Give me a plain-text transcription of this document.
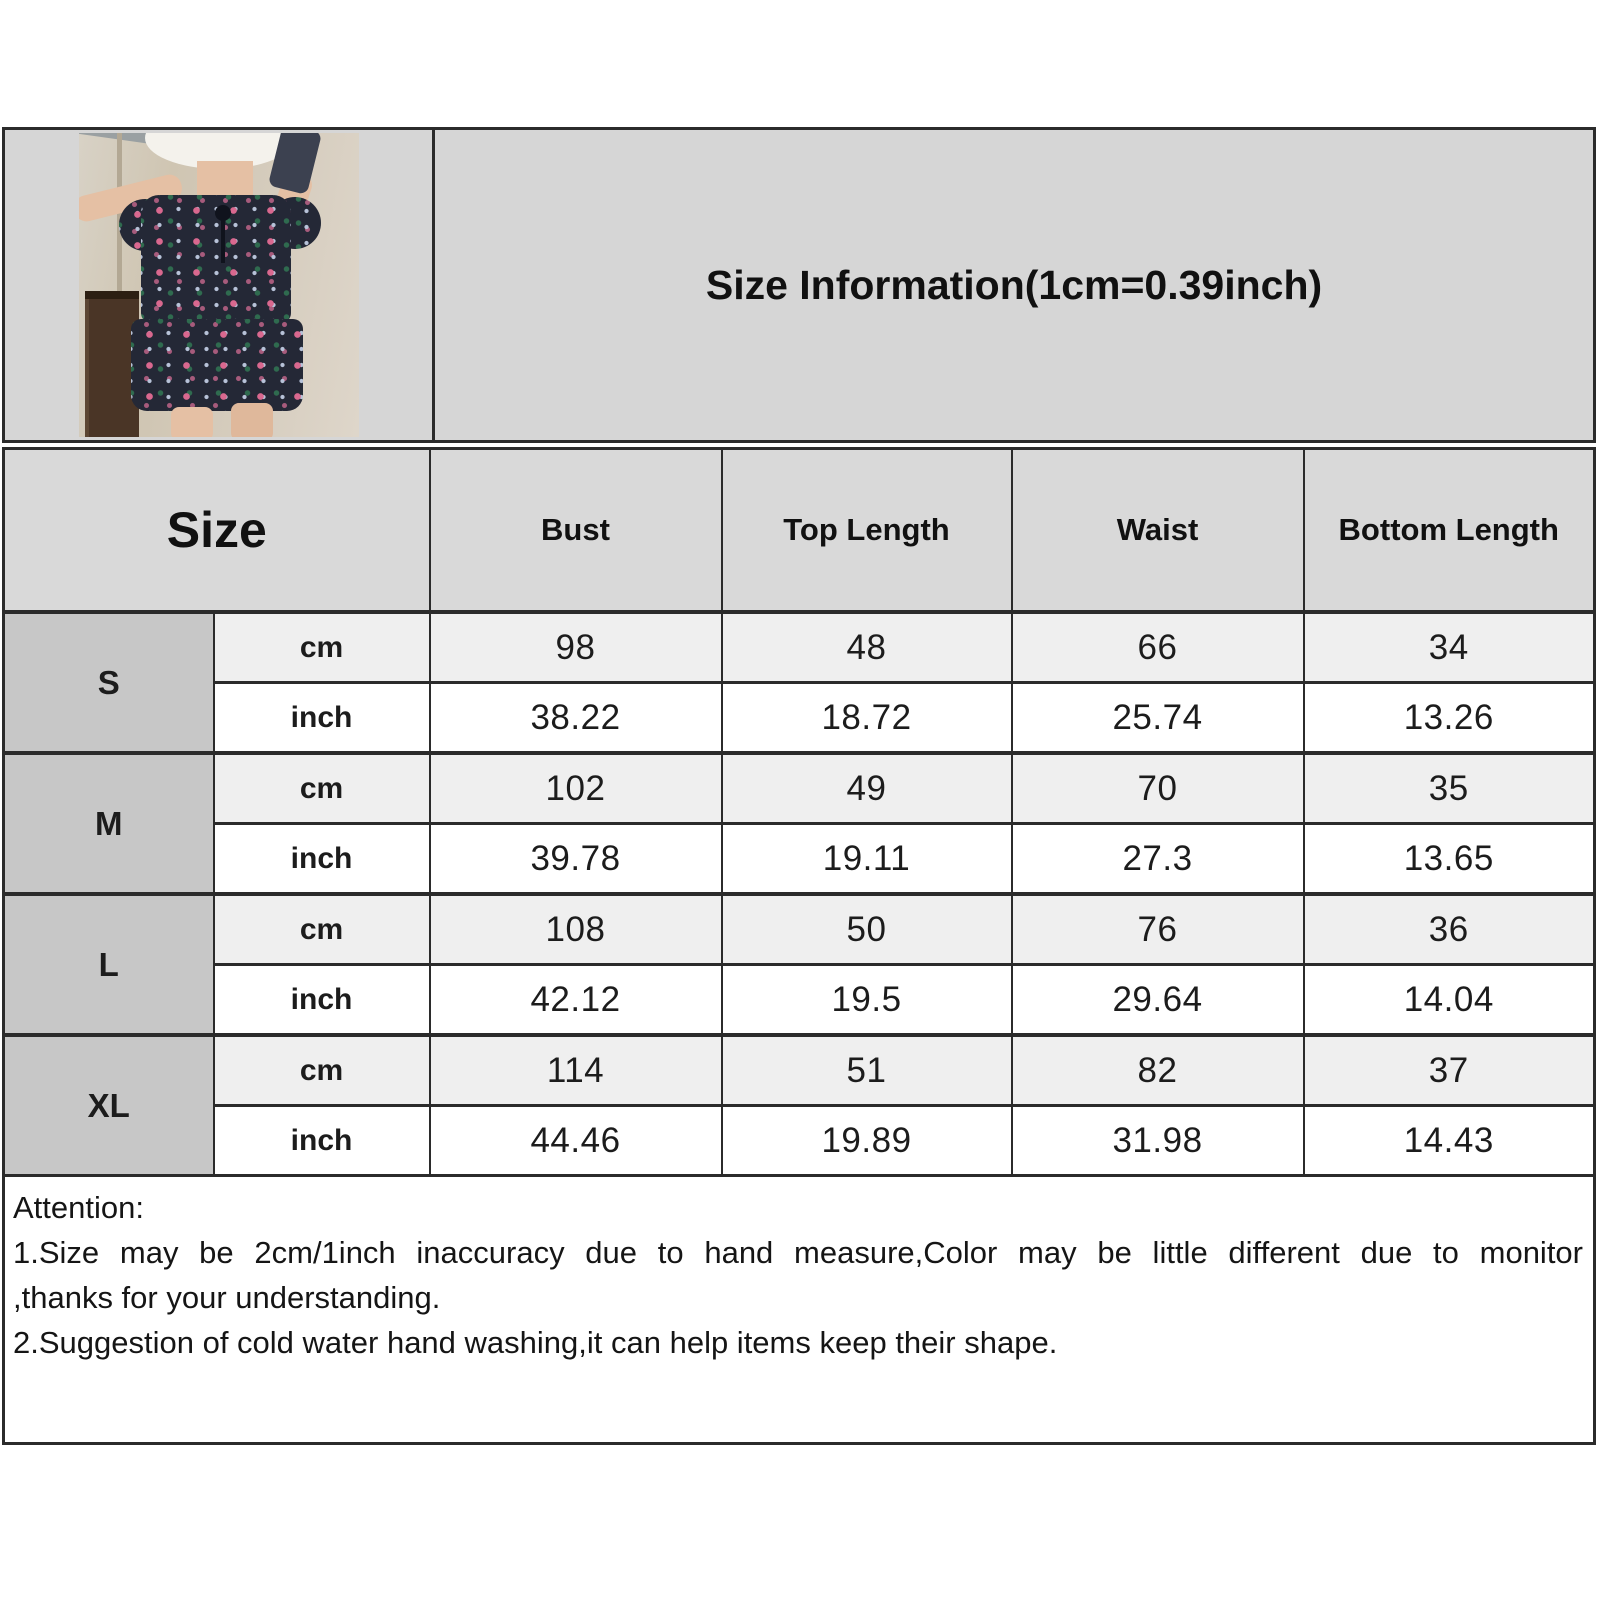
Size Information(1cm=0.39inch)
Size		Bust	Top Length	Waist	Bottom Length
S	cm	98	48	66	34
	inch	38.22	18.72	25.74	13.26
M	cm	102	49	70	35
	inch	39.78	19.11	27.3	13.65
L	cm	108	50	76	36
	inch	42.12	19.5	29.64	14.04
XL	cm	114	51	82	37
	inch	44.46	19.89	31.98	14.43
Attention:
1.Size may be 2cm/1inch inaccuracy due to hand measure,Color may be little different due to monitor
,thanks for your understanding.
2.Suggestion of cold water hand washing,it can help items keep their shape.
